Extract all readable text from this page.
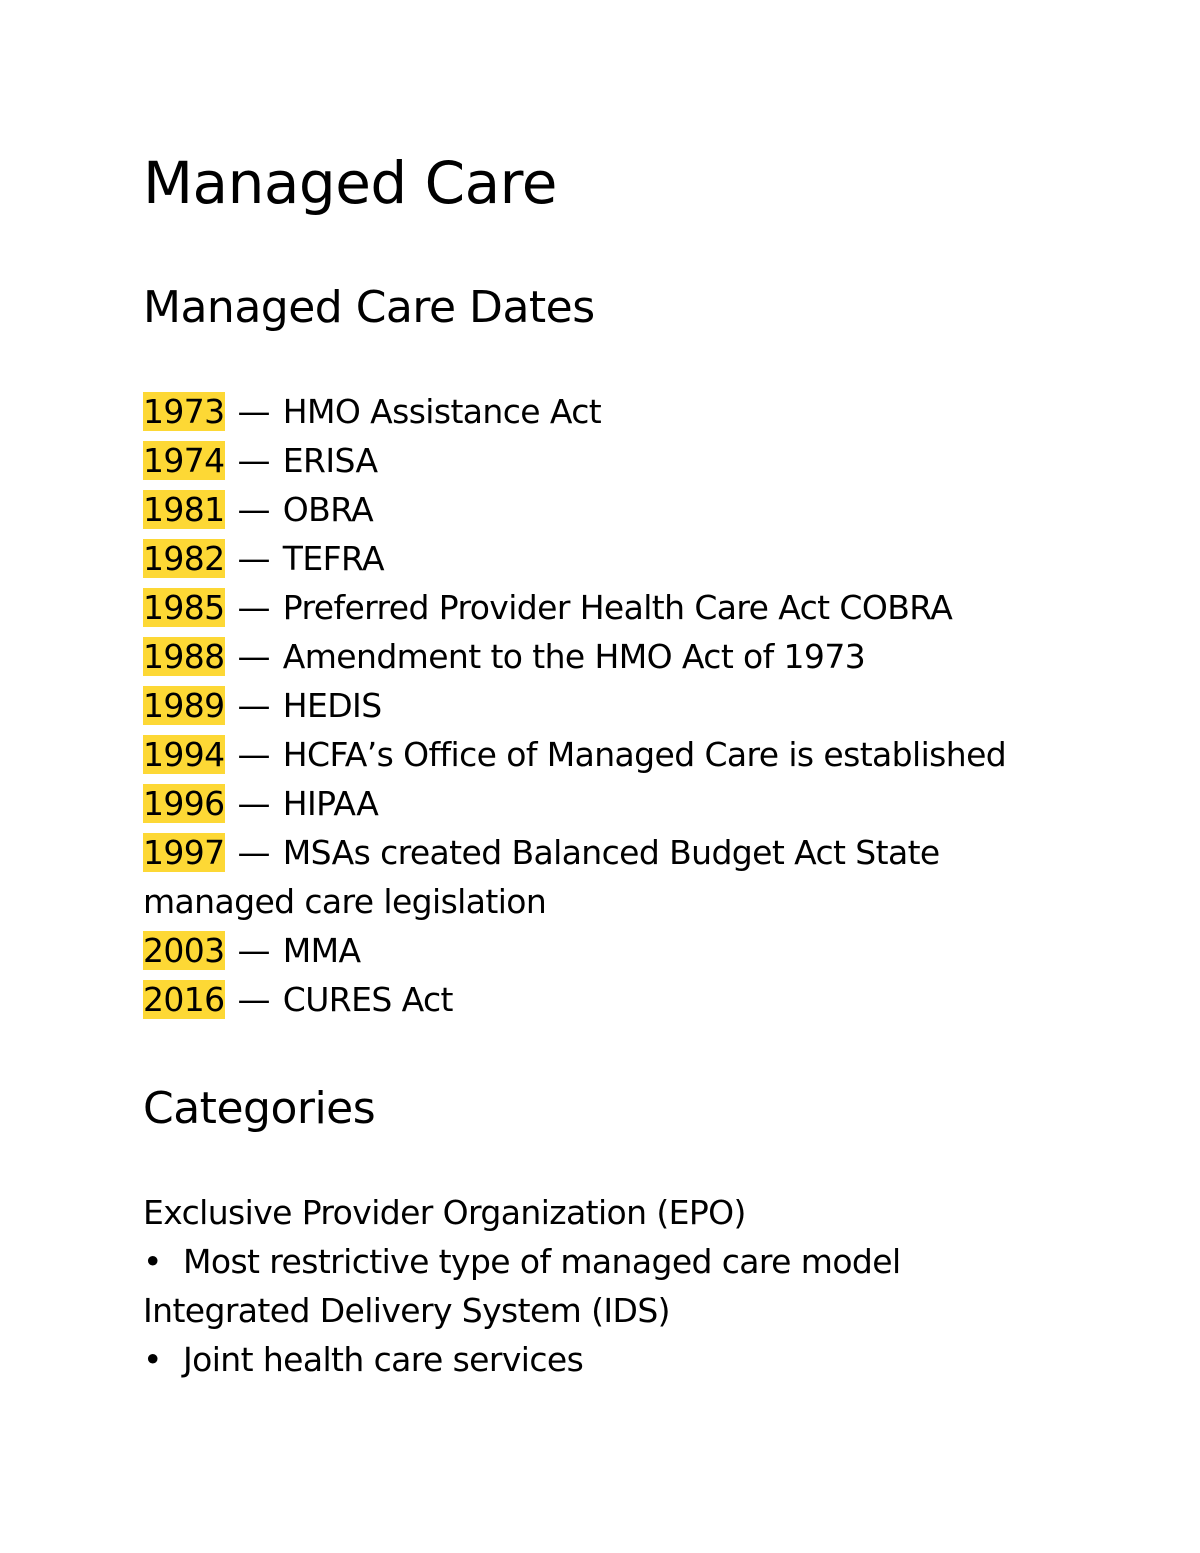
Managed Care
Managed Care Dates
1973 — HMO Assistance Act
1974 — ERISA
1981 — OBRA
1982 — TEFRA
1985 — Preferred Provider Health Care Act COBRA
1988 — Amendment to the HMO Act of 1973
1989 — HEDIS
1994 — HCFA’s Office of Managed Care is established
1996 — HIPAA
1997 — MSAs created Balanced Budget Act State managed care legislation
2003 — MMA
2016 — CURES Act
Categories
Exclusive Provider Organization (EPO)
• Most restrictive type of managed care model
Integrated Delivery System (IDS)
• Joint health care services
